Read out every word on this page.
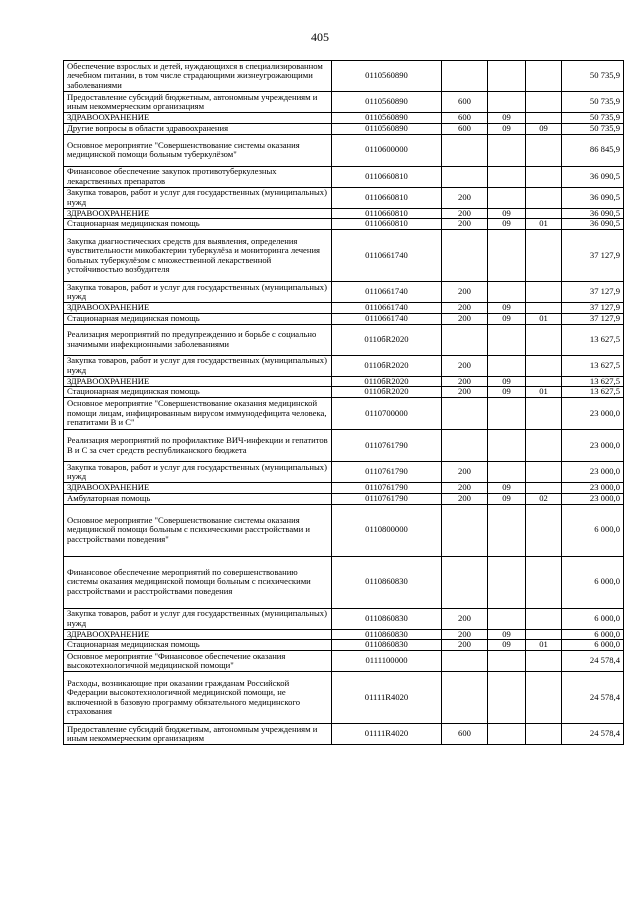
405
Обеспечение взрослых и детей, нуждающихся в специализированном лечебном питании, в том числе страдающими жизнеугрожающими заболеваниями	0110560890				50 735,9
Предоставление субсидий бюджетным, автономным учреждениям и иным некоммерческим организациям	0110560890	600			50 735,9
ЗДРАВООХРАНЕНИЕ	0110560890	600	09		50 735,9
Другие вопросы в области здравоохранения	0110560890	600	09	09	50 735,9
Основное мероприятие "Совершенствование системы оказания медицинской помощи больным туберкулёзом"	0110600000				86 845,9
Финансовое обеспечение закупок противотуберкулезных лекарственных препаратов	0110660810				36 090,5
Закупка товаров, работ и услуг для государственных (муниципальных) нужд	0110660810	200			36 090,5
ЗДРАВООХРАНЕНИЕ	0110660810	200	09		36 090,5
Стационарная медицинская помощь	0110660810	200	09	01	36 090,5
Закупка диагностических средств для выявления, определения чувствительности микобактерии туберкулёза и мониторинга лечения больных туберкулёзом с множественной лекарственной устойчивостью возбудителя	0110661740				37 127,9
Закупка товаров, работ и услуг для государственных (муниципальных) нужд	0110661740	200			37 127,9
ЗДРАВООХРАНЕНИЕ	0110661740	200	09		37 127,9
Стационарная медицинская помощь	0110661740	200	09	01	37 127,9
Реализация мероприятий по предупреждению и борьбе с социально значимыми инфекционными заболеваниями	0110бR2020				13 627,5
Закупка товаров, работ и услуг для государственных (муниципальных) нужд	0110бR2020	200			13 627,5
ЗДРАВООХРАНЕНИЕ	0110бR2020	200	09		13 627,5
Стационарная медицинская помощь	0110бR2020	200	09	01	13 627,5
Основное мероприятие "Совершенствование оказания медицинской помощи лицам, инфицированным вирусом иммунодефицита человека, гепатитами В и С"	0110700000				23 000,0
Реализация мероприятий по профилактике ВИЧ-инфекции и гепатитов В и С за счет средств республиканского бюджета	0110761790				23 000,0
Закупка товаров, работ и услуг для государственных (муниципальных) нужд	0110761790	200			23 000,0
ЗДРАВООХРАНЕНИЕ	0110761790	200	09		23 000,0
Амбулаторная помощь	0110761790	200	09	02	23 000,0
Основное мероприятие "Совершенствование системы оказания медицинской помощи больным с психическими расстройствами и расстройствами поведения"	0110800000				6 000,0
Финансовое обеспечение мероприятий по совершенствованию системы оказания медицинской помощи больным с психическими расстройствами и расстройствами поведения	0110860830				6 000,0
Закупка товаров, работ и услуг для государственных (муниципальных) нужд	0110860830	200			6 000,0
ЗДРАВООХРАНЕНИЕ	0110860830	200	09		6 000,0
Стационарная медицинская помощь	0110860830	200	09	01	6 000,0
Основное мероприятие "Финансовое обеспечение оказания высокотехнологичной медицинской помощи"	0111100000				24 578,4
Расходы, возникающие при оказании гражданам Российской Федерации высокотехнологичной медицинской помощи, не включенной в базовую программу обязательного медицинского страхования	01111R4020				24 578,4
Предоставление субсидий бюджетным, автономным учреждениям и иным некоммерческим организациям	01111R4020	600			24 578,4
